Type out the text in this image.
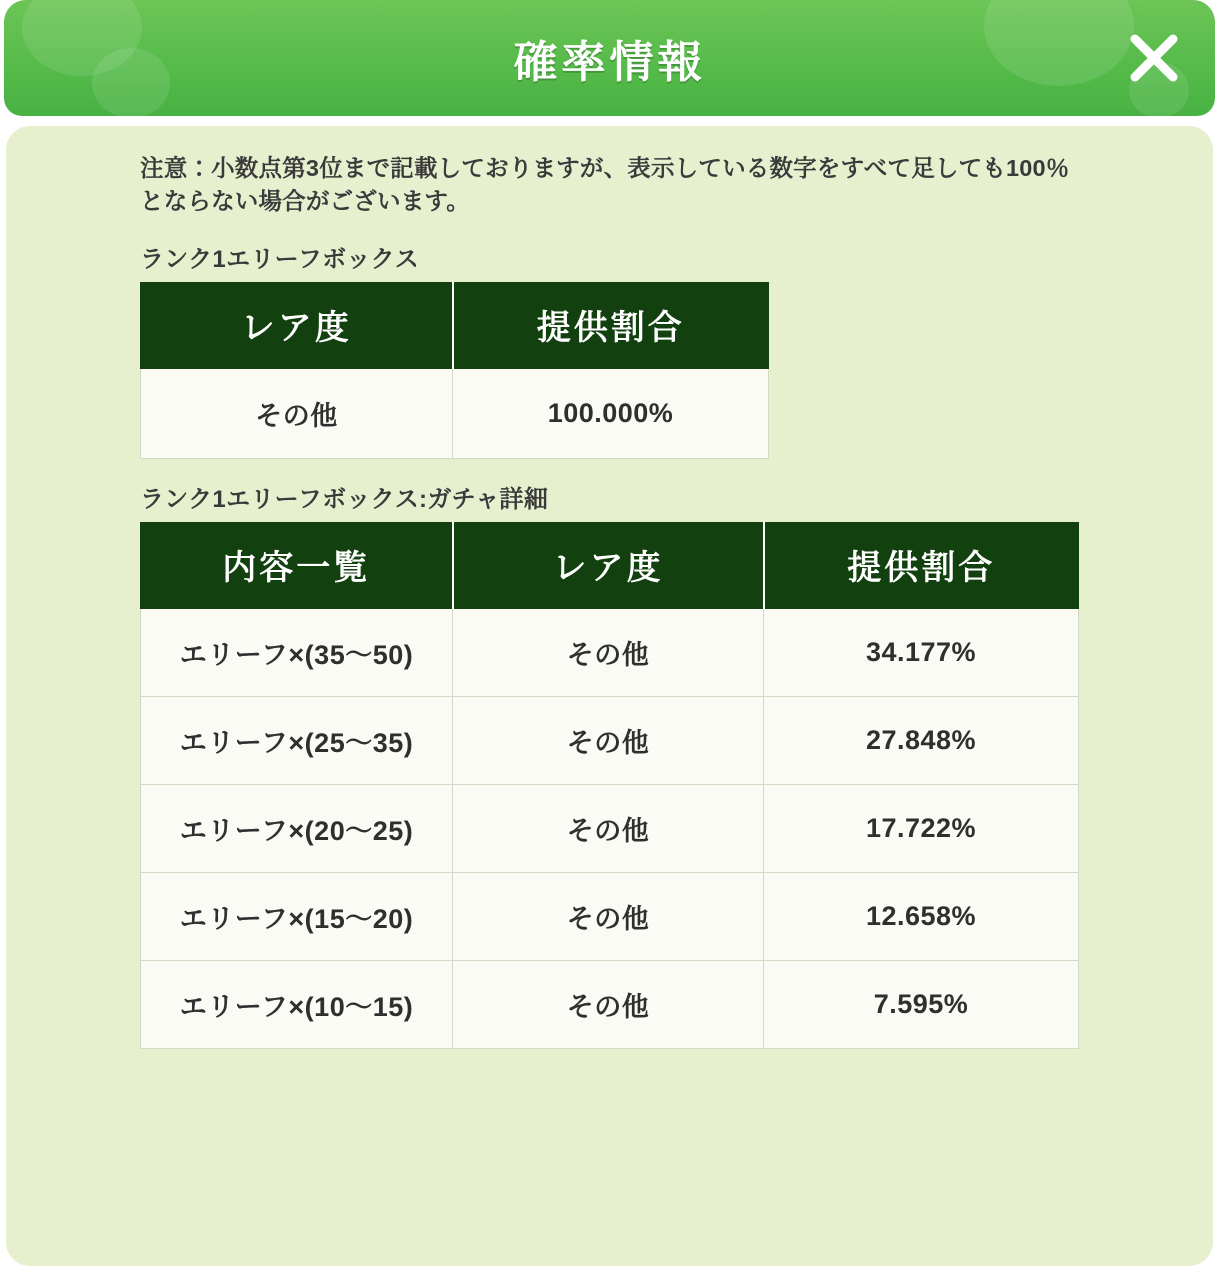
確率情報

注意：小数点第3位まで記載しておりますが、表示している数字をすべて足しても100％とならない場合がございます。

ランク1エリーフボックス
レア度	提供割合
その他	100.000%
ランク1エリーフボックス:ガチャ詳細
内容一覧	レア度	提供割合
エリーフ×(35〜50)	その他	34.177%
エリーフ×(25〜35)	その他	27.848%
エリーフ×(20〜25)	その他	17.722%
エリーフ×(15〜20)	その他	12.658%
エリーフ×(10〜15)	その他	7.595%
